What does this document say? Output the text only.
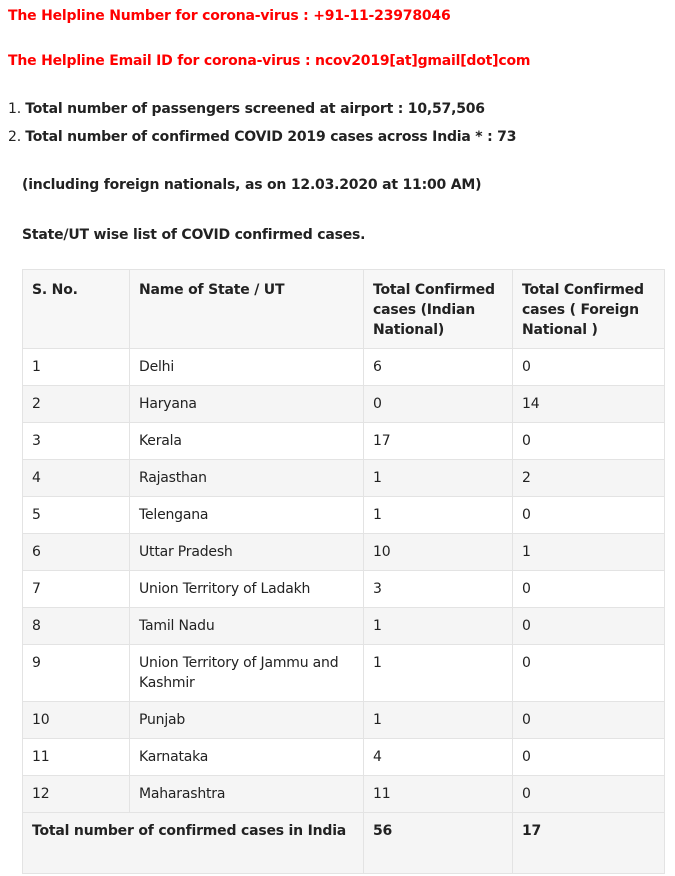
The Helpline Number for corona-virus : +91-11-23978046

The Helpline Email ID for corona-virus : ncov2019[at]gmail[dot]com

1. Total number of passengers screened at airport : 10,57,506
2. Total number of confirmed COVID 2019 cases across India * : 73

(including foreign nationals, as on 12.03.2020 at 11:00 AM)

State/UT wise list of COVID confirmed cases.

S. No.	Name of State / UT	Total Confirmed cases (Indian National)	Total Confirmed cases ( Foreign National )
1	Delhi	6	0
2	Haryana	0	14
3	Kerala	17	0
4	Rajasthan	1	2
5	Telengana	1	0
6	Uttar Pradesh	10	1
7	Union Territory of Ladakh	3	0
8	Tamil Nadu	1	0
9	Union Territory of Jammu and Kashmir	1	0
10	Punjab	1	0
11	Karnataka	4	0
12	Maharashtra	11	0
Total number of confirmed cases in India		56	17
